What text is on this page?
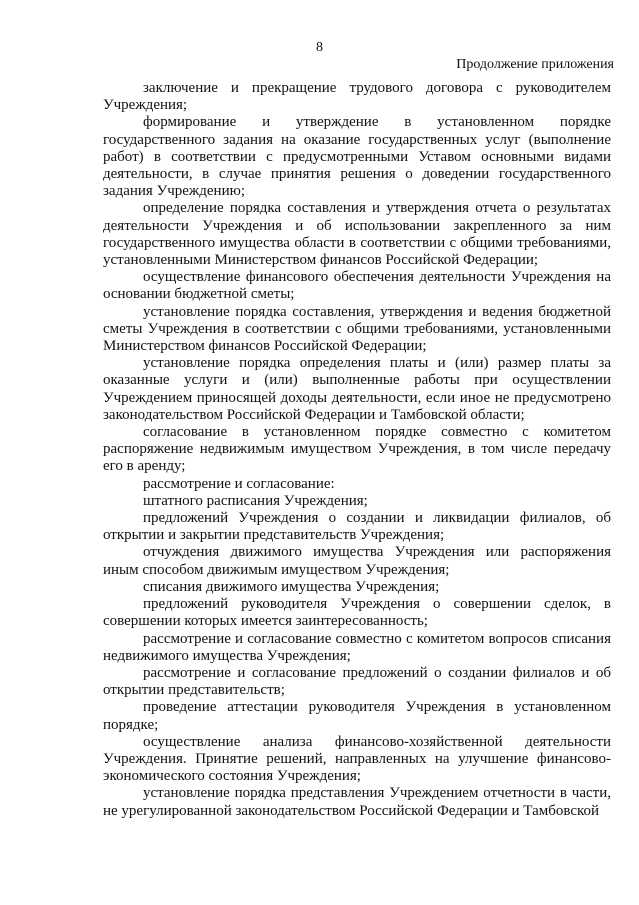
8
Продолжение приложения

заключение и прекращение трудового договора с руководителем Учреждения;

формирование и утверждение в установленном порядке государственного задания на оказание государственных услуг (выполнение работ) в соответствии с предусмотренными Уставом основными видами деятельности, в случае принятия решения о доведении государственного задания Учреждению;

определение порядка составления и утверждения отчета о результатах деятельности Учреждения и об использовании закрепленного за ним государственного имущества области в соответствии с общими требованиями, установленными Министерством финансов Российской Федерации;

осуществление финансового обеспечения деятельности Учреждения на основании бюджетной сметы;

установление порядка составления, утверждения и ведения бюджетной сметы Учреждения в соответствии с общими требованиями, установленными Министерством финансов Российской Федерации;

установление порядка определения платы и (или) размер платы за оказанные услуги и (или) выполненные работы при осуществлении Учреждением приносящей доходы деятельности, если иное не предусмотрено законодательством Российской Федерации и Тамбовской области;

согласование в установленном порядке совместно с комитетом распоряжение недвижимым имуществом Учреждения, в том числе передачу его в аренду;

рассмотрение и согласование:

штатного расписания Учреждения;

предложений Учреждения о создании и ликвидации филиалов, об открытии и закрытии представительств Учреждения;

отчуждения движимого имущества Учреждения или распоряжения иным способом движимым имуществом Учреждения;

списания движимого имущества Учреждения;

предложений руководителя Учреждения о совершении сделок, в совершении которых имеется заинтересованность;

рассмотрение и согласование совместно с комитетом вопросов списания недвижимого имущества Учреждения;

рассмотрение и согласование предложений о создании филиалов и об открытии представительств;

проведение аттестации руководителя Учреждения в установленном порядке;

осуществление анализа финансово-хозяйственной деятельности Учреждения. Принятие решений, направленных на улучшение финансово-экономического состояния Учреждения;

установление порядка представления Учреждением отчетности в части, не урегулированной законодательством Российской Федерации и Тамбовской
